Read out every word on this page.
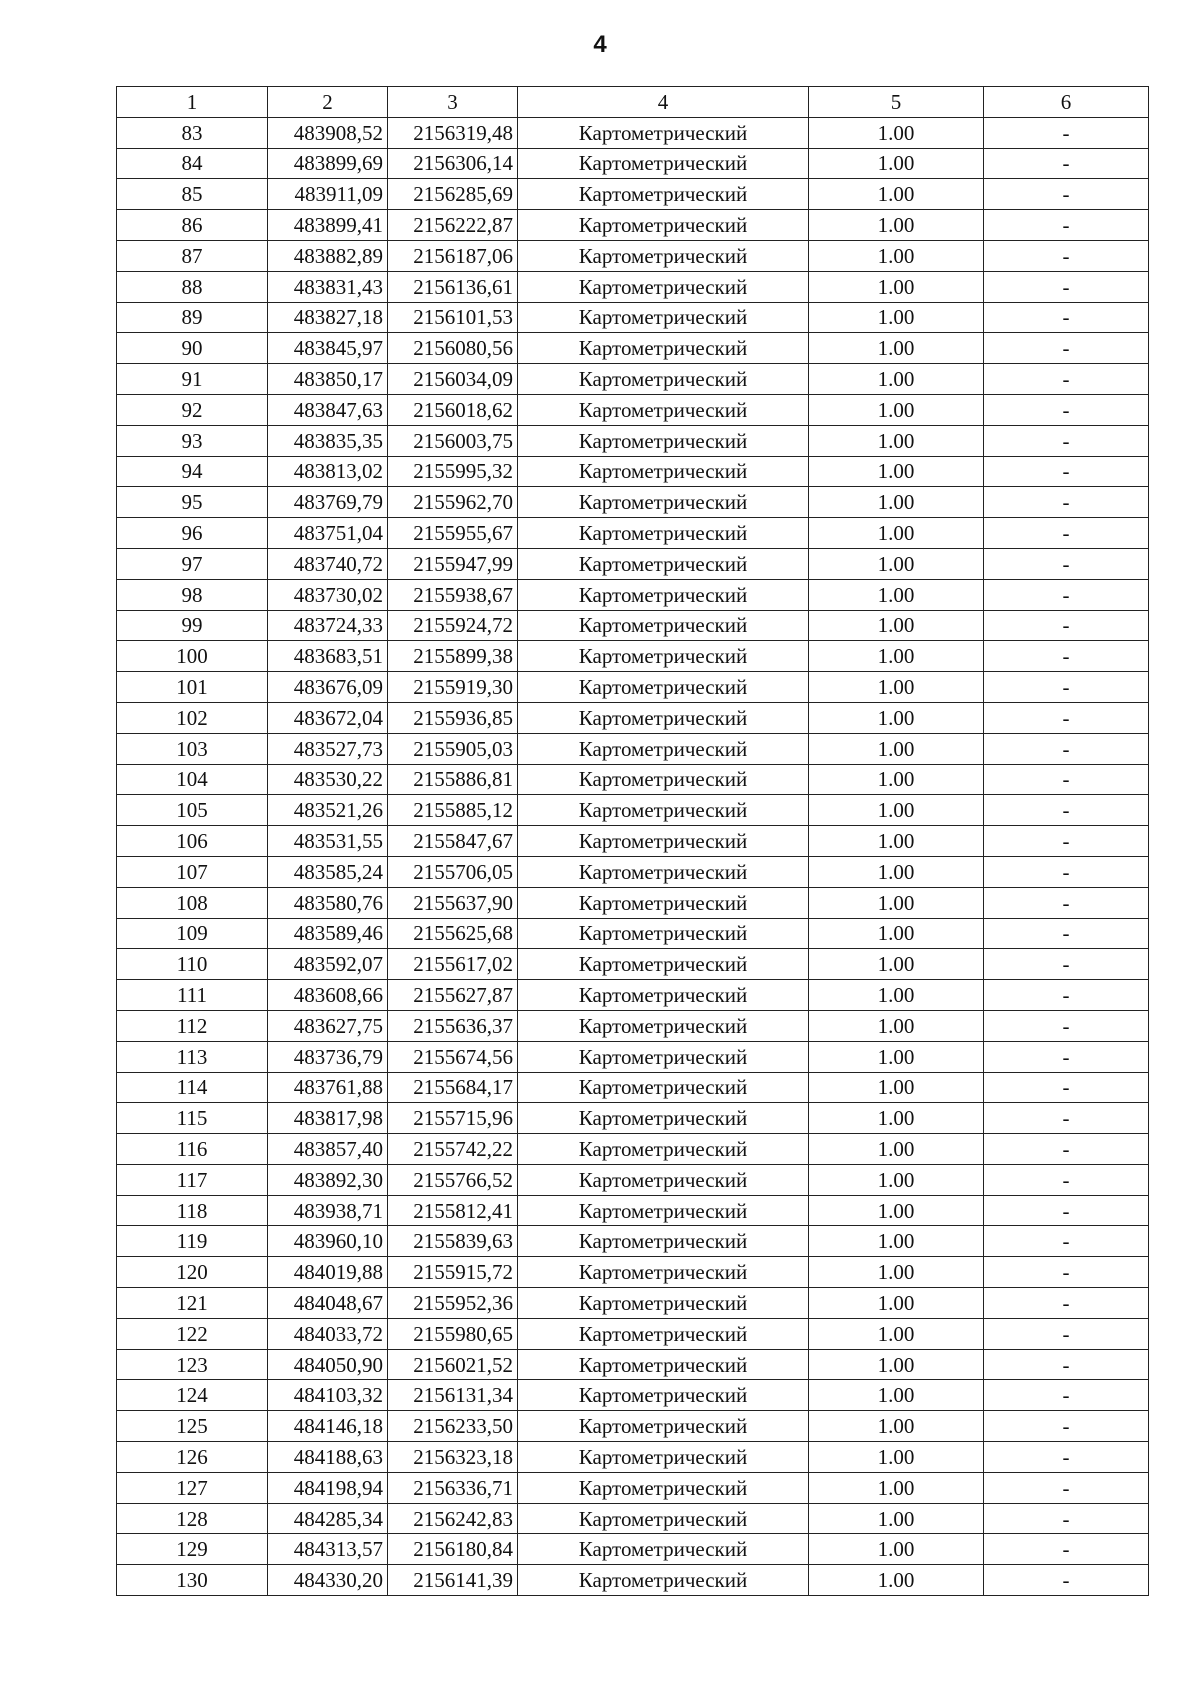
4
1	2	3	4	5	6
83	483908,52	2156319,48	Картометрический	1.00	-
84	483899,69	2156306,14	Картометрический	1.00	-
85	483911,09	2156285,69	Картометрический	1.00	-
86	483899,41	2156222,87	Картометрический	1.00	-
87	483882,89	2156187,06	Картометрический	1.00	-
88	483831,43	2156136,61	Картометрический	1.00	-
89	483827,18	2156101,53	Картометрический	1.00	-
90	483845,97	2156080,56	Картометрический	1.00	-
91	483850,17	2156034,09	Картометрический	1.00	-
92	483847,63	2156018,62	Картометрический	1.00	-
93	483835,35	2156003,75	Картометрический	1.00	-
94	483813,02	2155995,32	Картометрический	1.00	-
95	483769,79	2155962,70	Картометрический	1.00	-
96	483751,04	2155955,67	Картометрический	1.00	-
97	483740,72	2155947,99	Картометрический	1.00	-
98	483730,02	2155938,67	Картометрический	1.00	-
99	483724,33	2155924,72	Картометрический	1.00	-
100	483683,51	2155899,38	Картометрический	1.00	-
101	483676,09	2155919,30	Картометрический	1.00	-
102	483672,04	2155936,85	Картометрический	1.00	-
103	483527,73	2155905,03	Картометрический	1.00	-
104	483530,22	2155886,81	Картометрический	1.00	-
105	483521,26	2155885,12	Картометрический	1.00	-
106	483531,55	2155847,67	Картометрический	1.00	-
107	483585,24	2155706,05	Картометрический	1.00	-
108	483580,76	2155637,90	Картометрический	1.00	-
109	483589,46	2155625,68	Картометрический	1.00	-
110	483592,07	2155617,02	Картометрический	1.00	-
111	483608,66	2155627,87	Картометрический	1.00	-
112	483627,75	2155636,37	Картометрический	1.00	-
113	483736,79	2155674,56	Картометрический	1.00	-
114	483761,88	2155684,17	Картометрический	1.00	-
115	483817,98	2155715,96	Картометрический	1.00	-
116	483857,40	2155742,22	Картометрический	1.00	-
117	483892,30	2155766,52	Картометрический	1.00	-
118	483938,71	2155812,41	Картометрический	1.00	-
119	483960,10	2155839,63	Картометрический	1.00	-
120	484019,88	2155915,72	Картометрический	1.00	-
121	484048,67	2155952,36	Картометрический	1.00	-
122	484033,72	2155980,65	Картометрический	1.00	-
123	484050,90	2156021,52	Картометрический	1.00	-
124	484103,32	2156131,34	Картометрический	1.00	-
125	484146,18	2156233,50	Картометрический	1.00	-
126	484188,63	2156323,18	Картометрический	1.00	-
127	484198,94	2156336,71	Картометрический	1.00	-
128	484285,34	2156242,83	Картометрический	1.00	-
129	484313,57	2156180,84	Картометрический	1.00	-
130	484330,20	2156141,39	Картометрический	1.00	-
